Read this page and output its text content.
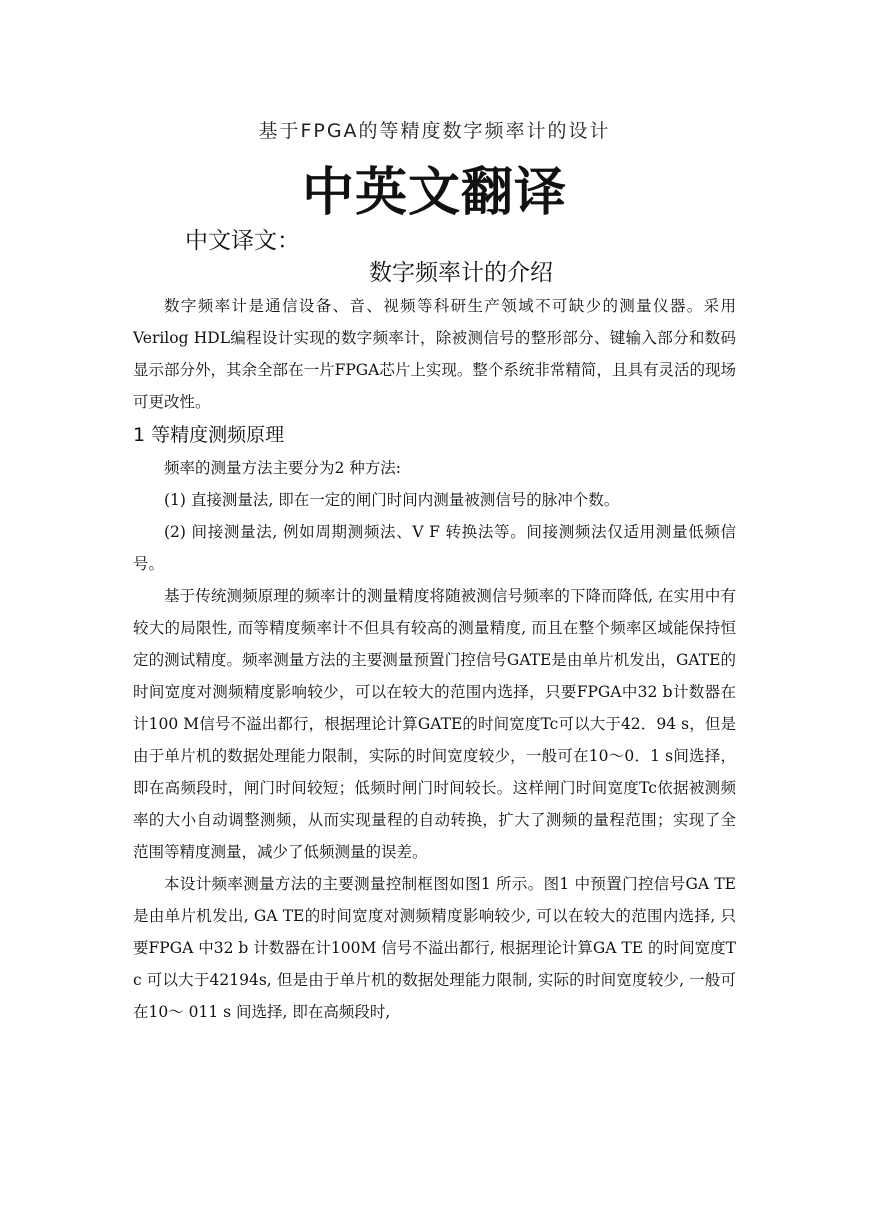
基于FPGA的等精度数字频率计的设计
中英文翻译
中文译文：
数字频率计的介绍

数字频率计是通信设备、音、视频等科研生产领域不可缺少的测量仪器。采用Verilog HDL编程设计实现的数字频率计，除被测信号的整形部分、键输入部分和数码显示部分外，其余全部在一片FPGA芯片上实现。整个系统非常精简，且具有灵活的现场可更改性。

1 等精度测频原理

频率的测量方法主要分为2 种方法:

(1) 直接测量法, 即在一定的闸门时间内测量被测信号的脉冲个数。

(2) 间接测量法, 例如周期测频法、V F 转换法等。间接测频法仅适用测量低频信号。

基于传统测频原理的频率计的测量精度将随被测信号频率的下降而降低, 在实用中有较大的局限性, 而等精度频率计不但具有较高的测量精度, 而且在整个频率区域能保持恒定的测试精度。频率测量方法的主要测量预置门控信号GATE是由单片机发出，GATE的时间宽度对测频精度影响较少，可以在较大的范围内选择，只要FPGA中32 b计数器在计100 M信号不溢出都行，根据理论计算GATE的时间宽度Tc可以大于42．94 s，但是由于单片机的数据处理能力限制，实际的时间宽度较少，一般可在10～0．1 s间选择，即在高频段时，闸门时间较短；低频时闸门时间较长。这样闸门时间宽度Tc依据被测频率的大小自动调整测频，从而实现量程的自动转换，扩大了测频的量程范围；实现了全范围等精度测量，减少了低频测量的误差。

本设计频率测量方法的主要测量控制框图如图1 所示。图1 中预置门控信号GA TE 是由单片机发出, GA TE的时间宽度对测频精度影响较少, 可以在较大的范围内选择, 只要FPGA 中32 b 计数器在计100M 信号不溢出都行, 根据理论计算GA TE 的时间宽度T c 可以大于42194s, 但是由于单片机的数据处理能力限制, 实际的时间宽度较少, 一般可在10～ 011 s 间选择, 即在高频段时,
